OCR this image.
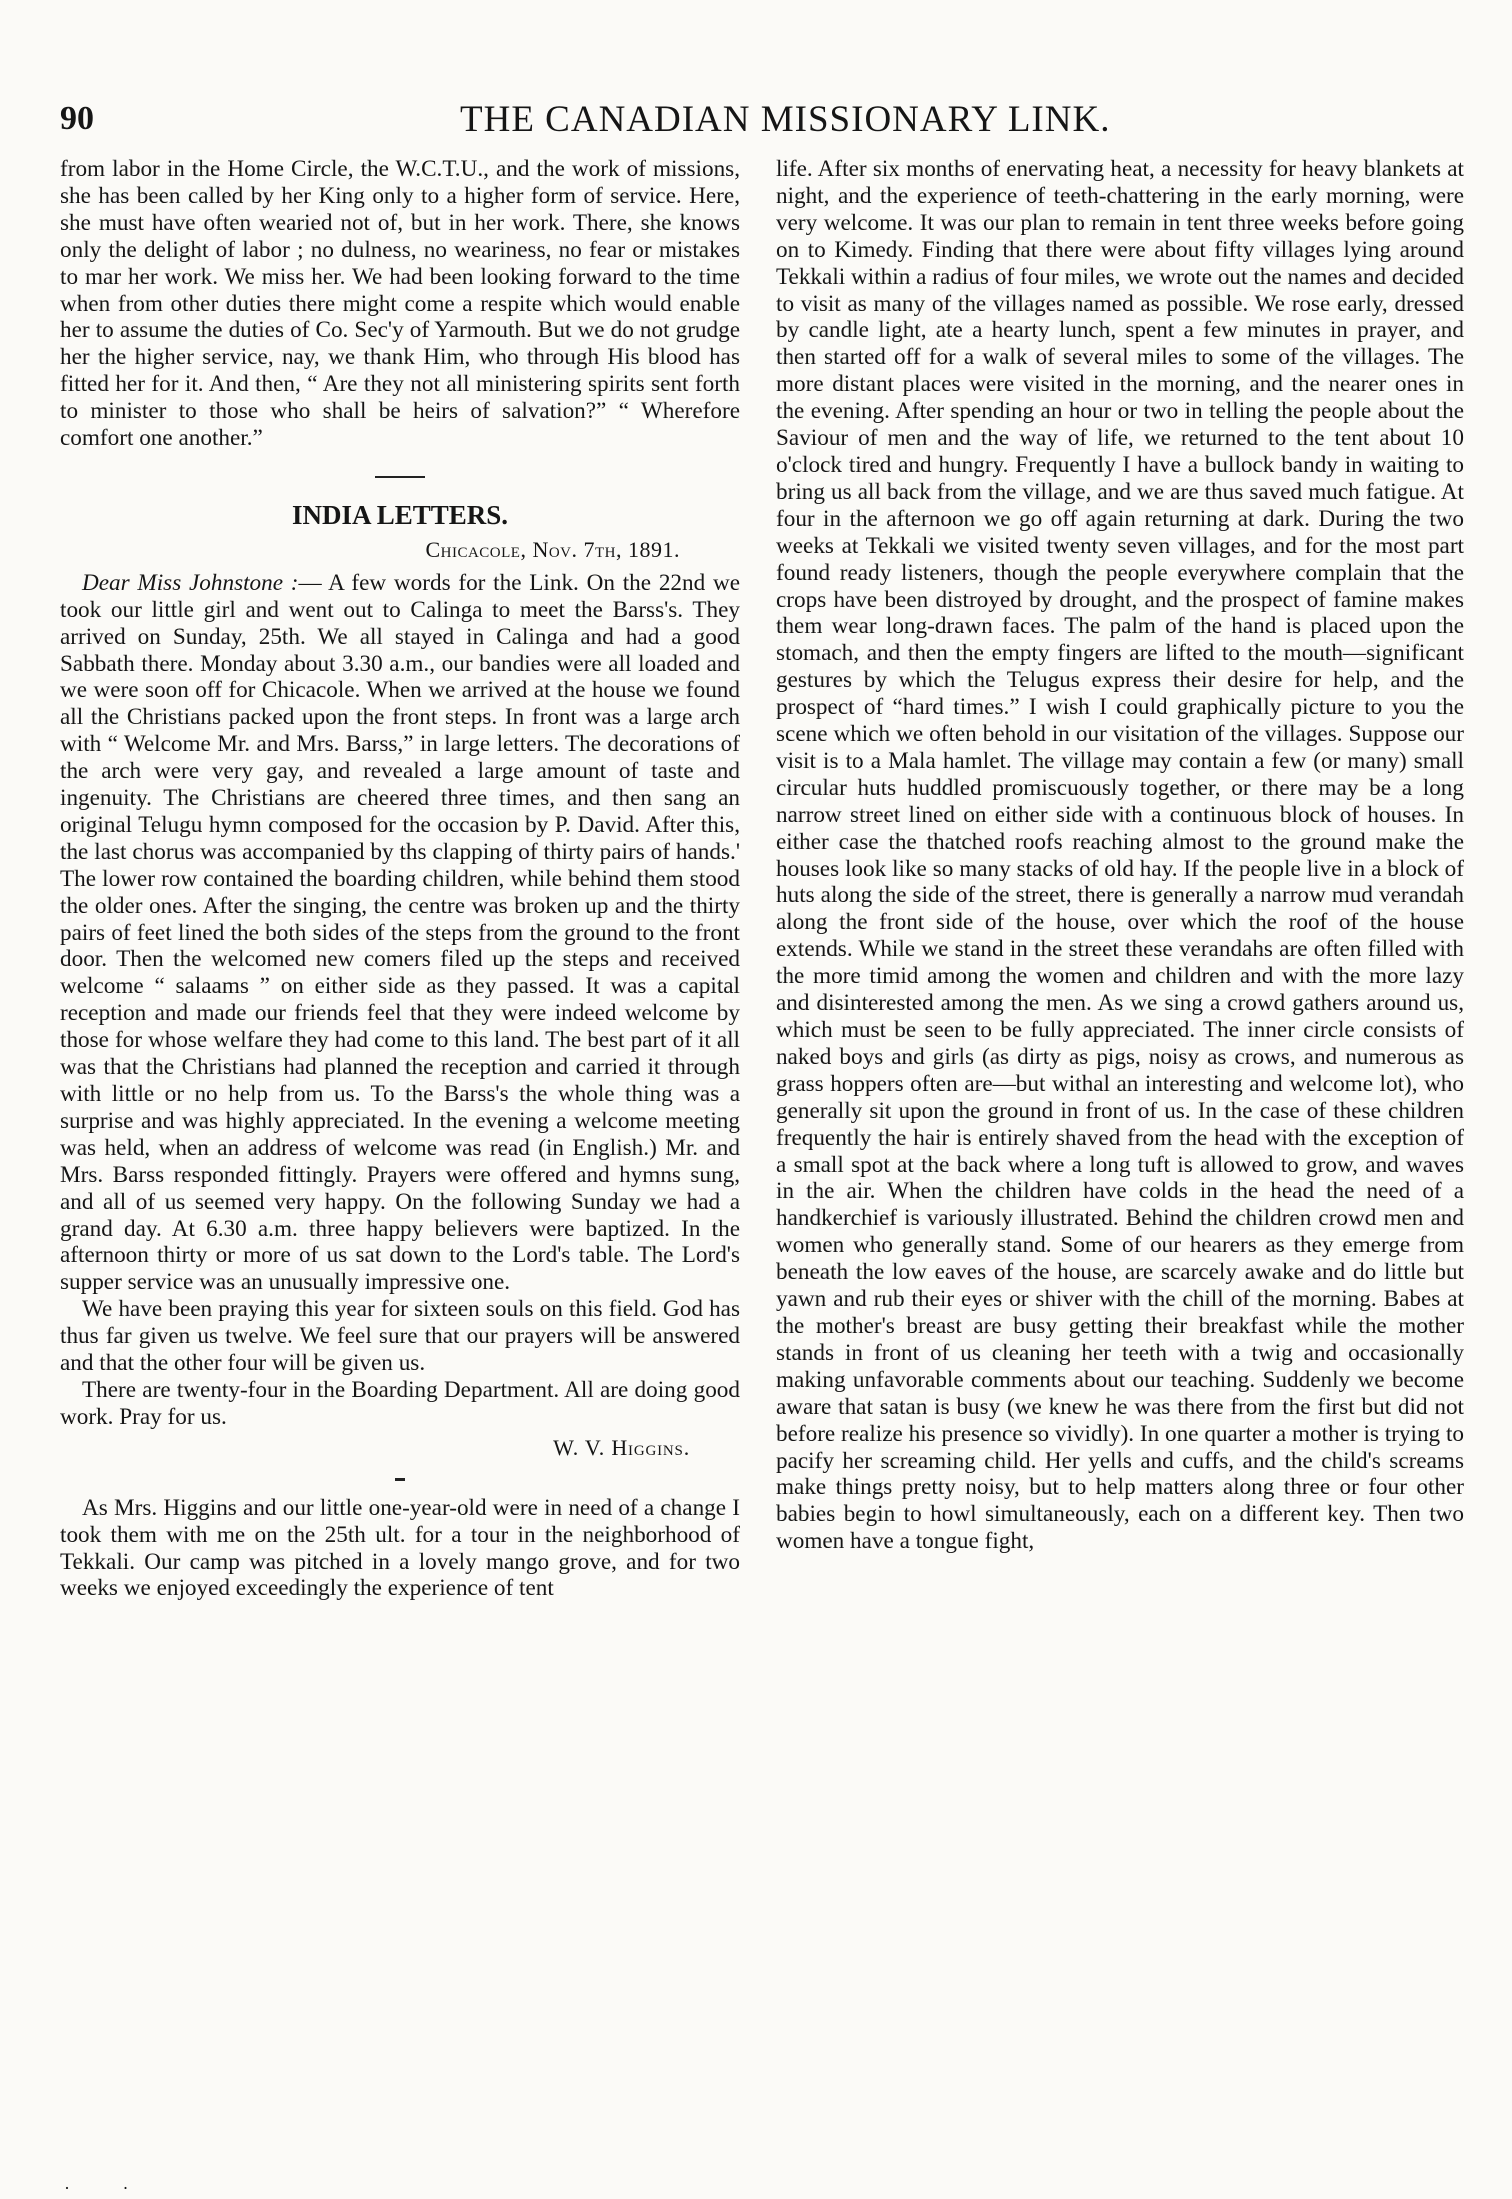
90	THE CANADIAN MISSIONARY LINK.

from labor in the Home Circle, the W.C.T.U., and the work of missions, she has been called by her King only to a higher form of service. Here, she must have often wearied not of, but in her work. There, she knows only the delight of labor ; no dulness, no weariness, no fear or mistakes to mar her work. We miss her. We had been looking forward to the time when from other duties there might come a respite which would enable her to assume the duties of Co. Sec'y of Yarmouth. But we do not grudge her the higher service, nay, we thank Him, who through His blood has fitted her for it. And then, “ Are they not all ministering spirits sent forth to minister to those who shall be heirs of salvation?” “ Wherefore comfort one another.”

INDIA LETTERS.
Chicacole, Nov. 7th, 1891.

Dear Miss Johnstone :— A few words for the Link. On the 22nd we took our little girl and went out to Calinga to meet the Barss's. They arrived on Sunday, 25th. We all stayed in Calinga and had a good Sabbath there. Monday about 3.30 a.m., our bandies were all loaded and we were soon off for Chicacole. When we arrived at the house we found all the Christians packed upon the front steps. In front was a large arch with “ Welcome Mr. and Mrs. Barss,” in large letters. The decorations of the arch were very gay, and revealed a large amount of taste and ingenuity. The Christians are cheered three times, and then sang an original Telugu hymn composed for the occasion by P. David. After this, the last chorus was accompanied by ths clapping of thirty pairs of hands.' The lower row contained the boarding children, while behind them stood the older ones. After the singing, the centre was broken up and the thirty pairs of feet lined the both sides of the steps from the ground to the front door. Then the welcomed new comers filed up the steps and received welcome “ salaams ” on either side as they passed. It was a capital reception and made our friends feel that they were indeed welcome by those for whose welfare they had come to this land. The best part of it all was that the Christians had planned the reception and carried it through with little or no help from us. To the Barss's the whole thing was a surprise and was highly appreciated. In the evening a welcome meeting was held, when an address of welcome was read (in English.) Mr. and Mrs. Barss responded fittingly. Prayers were offered and hymns sung, and all of us seemed very happy. On the following Sunday we had a grand day. At 6.30 a.m. three happy believers were baptized. In the afternoon thirty or more of us sat down to the Lord's table. The Lord's supper service was an unusually impressive one.

We have been praying this year for sixteen souls on this field. God has thus far given us twelve. We feel sure that our prayers will be answered and that the other four will be given us.

There are twenty-four in the Boarding Department. All are doing good work. Pray for us.

W. V. Higgins.

As Mrs. Higgins and our little one-year-old were in need of a change I took them with me on the 25th ult. for a tour in the neighborhood of Tekkali. Our camp was pitched in a lovely mango grove, and for two weeks we enjoyed exceedingly the experience of tent

life. After six months of enervating heat, a necessity for heavy blankets at night, and the experience of teeth-chattering in the early morning, were very welcome. It was our plan to remain in tent three weeks before going on to Kimedy. Finding that there were about fifty villages lying around Tekkali within a radius of four miles, we wrote out the names and decided to visit as many of the villages named as possible. We rose early, dressed by candle light, ate a hearty lunch, spent a few minutes in prayer, and then started off for a walk of several miles to some of the villages. The more distant places were visited in the morning, and the nearer ones in the evening. After spending an hour or two in telling the people about the Saviour of men and the way of life, we returned to the tent about 10 o'clock tired and hungry. Frequently I have a bullock bandy in waiting to bring us all back from the village, and we are thus saved much fatigue. At four in the afternoon we go off again returning at dark. During the two weeks at Tekkali we visited twenty seven villages, and for the most part found ready listeners, though the people everywhere complain that the crops have been distroyed by drought, and the prospect of famine makes them wear long-drawn faces. The palm of the hand is placed upon the stomach, and then the empty fingers are lifted to the mouth—significant gestures by which the Telugus express their desire for help, and the prospect of “hard times.” I wish I could graphically picture to you the scene which we often behold in our visitation of the villages. Suppose our visit is to a Mala hamlet. The village may contain a few (or many) small circular huts huddled promiscuously together, or there may be a long narrow street lined on either side with a continuous block of houses. In either case the thatched roofs reaching almost to the ground make the houses look like so many stacks of old hay. If the people live in a block of huts along the side of the street, there is generally a narrow mud verandah along the front side of the house, over which the roof of the house extends. While we stand in the street these verandahs are often filled with the more timid among the women and children and with the more lazy and disinterested among the men. As we sing a crowd gathers around us, which must be seen to be fully appreciated. The inner circle consists of naked boys and girls (as dirty as pigs, noisy as crows, and numerous as grass hoppers often are—but withal an interesting and welcome lot), who generally sit upon the ground in front of us. In the case of these children frequently the hair is entirely shaved from the head with the exception of a small spot at the back where a long tuft is allowed to grow, and waves in the air. When the children have colds in the head the need of a handkerchief is variously illustrated. Behind the children crowd men and women who generally stand. Some of our hearers as they emerge from beneath the low eaves of the house, are scarcely awake and do little but yawn and rub their eyes or shiver with the chill of the morning. Babes at the mother's breast are busy getting their breakfast while the mother stands in front of us cleaning her teeth with a twig and occasionally making unfavorable comments about our teaching. Suddenly we become aware that satan is busy (we knew he was there from the first but did not before realize his presence so vividly). In one quarter a mother is trying to pacify her screaming child. Her yells and cuffs, and the child's screams make things pretty noisy, but to help matters along three or four other babies begin to howl simultaneously, each on a different key. Then two women have a tongue fight,

· ·
